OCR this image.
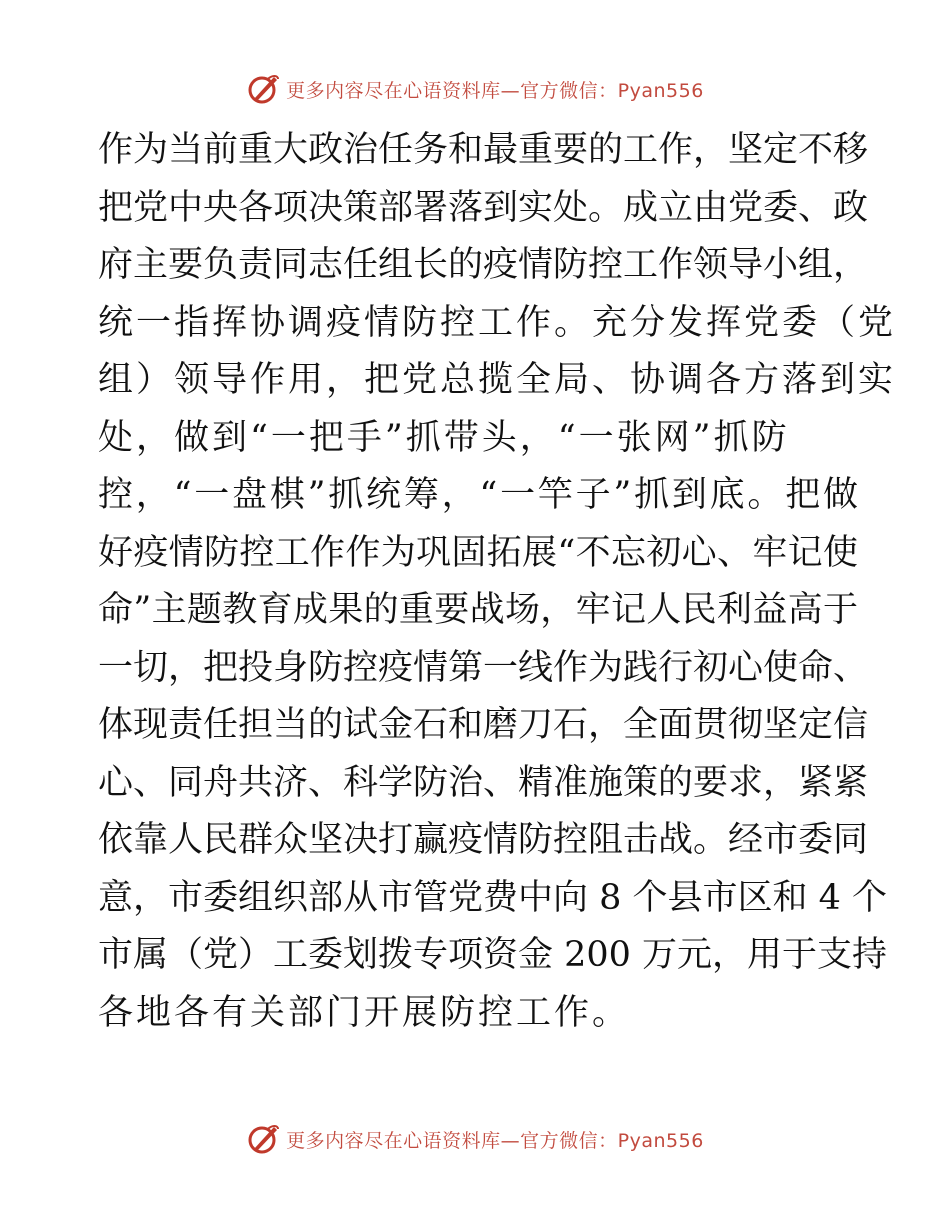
更多内容尽在心语资料库—官方微信：Pyan556
作为当前重大政治任务和最重要的工作，坚定不移
把党中央各项决策部署落到实处。成立由党委、政
府主要负责同志任组长的疫情防控工作领导小组，
统一指挥协调疫情防控工作。充分发挥党委（党
组）领导作用，把党总揽全局、协调各方落到实
处，做到“一把手”抓带头，“一张网”抓防
控，“一盘棋”抓统筹，“一竿子”抓到底。把做
好疫情防控工作作为巩固拓展“不忘初心、牢记使
命”主题教育成果的重要战场，牢记人民利益高于
一切，把投身防控疫情第一线作为践行初心使命、
体现责任担当的试金石和磨刀石，全面贯彻坚定信
心、同舟共济、科学防治、精准施策的要求，紧紧
依靠人民群众坚决打赢疫情防控阻击战。经市委同
意，市委组织部从市管党费中向 8 个县市区和 4 个
市属（党）工委划拨专项资金 200 万元，用于支持
各地各有关部门开展防控工作。
更多内容尽在心语资料库—官方微信：Pyan556
